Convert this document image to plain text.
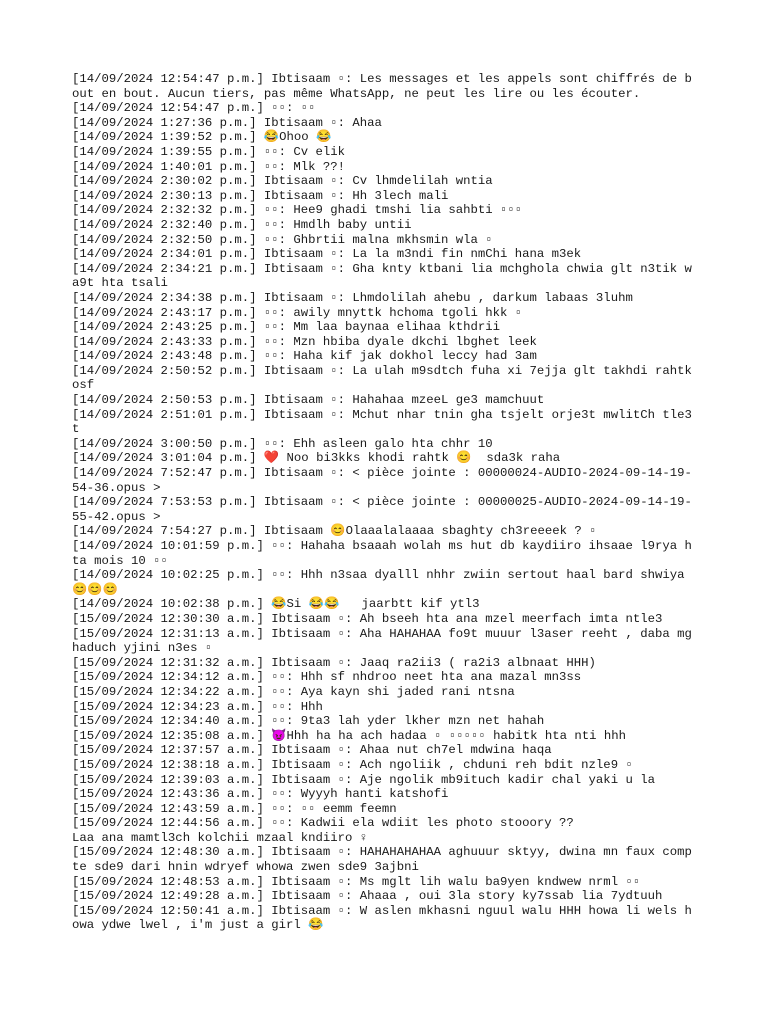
[14/09/2024 12:54:47 p.m.] Ibtisaam ▫: Les messages et les appels sont chiffrés de bout en bout. Aucun tiers, pas même WhatsApp, ne peut les lire ou les écouter.
[14/09/2024 12:54:47 p.m.] ▫▫: ▫▫
[14/09/2024 1:27:36 p.m.] Ibtisaam ▫: Ahaa
[14/09/2024 1:39:52 p.m.] 😂Ohoo 😂
[14/09/2024 1:39:55 p.m.] ▫▫: Cv elik
[14/09/2024 1:40:01 p.m.] ▫▫: Mlk ??!
[14/09/2024 2:30:02 p.m.] Ibtisaam ▫: Cv lhmdelilah wntia
[14/09/2024 2:30:13 p.m.] Ibtisaam ▫: Hh 3lech mali
[14/09/2024 2:32:32 p.m.] ▫▫: Hee9 ghadi tmshi lia sahbti ▫▫▫
[14/09/2024 2:32:40 p.m.] ▫▫: Hmdlh baby untii
[14/09/2024 2:32:50 p.m.] ▫▫: Ghbrtii malna mkhsmin wla ▫
[14/09/2024 2:34:01 p.m.] Ibtisaam ▫: La la m3ndi fin nmChi hana m3ek
[14/09/2024 2:34:21 p.m.] Ibtisaam ▫: Gha knty ktbani lia mchghola chwia glt n3tik wa9t hta tsali
[14/09/2024 2:34:38 p.m.] Ibtisaam ▫: Lhmdolilah ahebu , darkum labaas 3luhm
[14/09/2024 2:43:17 p.m.] ▫▫: awily mnyttk hchoma tgoli hkk ▫
[14/09/2024 2:43:25 p.m.] ▫▫: Mm laa baynaa elihaa kthdrii
[14/09/2024 2:43:33 p.m.] ▫▫: Mzn hbiba dyale dkchi lbghet leek
[14/09/2024 2:43:48 p.m.] ▫▫: Haha kif jak dokhol leccy had 3am
[14/09/2024 2:50:52 p.m.] Ibtisaam ▫: La ulah m9sdtch fuha xi 7ejja glt takhdi rahtk osf
[14/09/2024 2:50:53 p.m.] Ibtisaam ▫: Hahahaa mzeeL ge3 mamchuut
[14/09/2024 2:51:01 p.m.] Ibtisaam ▫: Mchut nhar tnin gha tsjelt orje3t mwlitCh tle3t
[14/09/2024 3:00:50 p.m.] ▫▫: Ehh asleen galo hta chhr 10
[14/09/2024 3:01:04 p.m.] ❤️ Noo bi3kks khodi rahtk 😊  sda3k raha
[14/09/2024 7:52:47 p.m.] Ibtisaam ▫: < pièce jointe : 00000024-AUDIO-2024-09-14-19-54-36.opus >
[14/09/2024 7:53:53 p.m.] Ibtisaam ▫: < pièce jointe : 00000025-AUDIO-2024-09-14-19-55-42.opus >
[14/09/2024 7:54:27 p.m.] Ibtisaam 😊Olaaalalaaaa sbaghty ch3reeeek ? ▫
[14/09/2024 10:01:59 p.m.] ▫▫: Hahaha bsaaah wolah ms hut db kaydiiro ihsaae l9rya hta mois 10 ▫▫
[14/09/2024 10:02:25 p.m.] ▫▫: Hhh n3saa dyalll nhhr zwiin sertout haal bard shwiya 😊😊😊
[14/09/2024 10:02:38 p.m.] 😂Si 😂😂   jaarbtt kif ytl3
[15/09/2024 12:30:30 a.m.] Ibtisaam ▫: Ah bseeh hta ana mzel meerfach imta ntle3
[15/09/2024 12:31:13 a.m.] Ibtisaam ▫: Aha HAHAHAA fo9t muuur l3aser reeht , daba mghaduch yjini n3es ▫
[15/09/2024 12:31:32 a.m.] Ibtisaam ▫: Jaaq ra2ii3 ( ra2i3 albnaat HHH)
[15/09/2024 12:34:12 a.m.] ▫▫: Hhh sf nhdroo neet hta ana mazal mn3ss
[15/09/2024 12:34:22 a.m.] ▫▫: Aya kayn shi jaded rani ntsna
[15/09/2024 12:34:23 a.m.] ▫▫: Hhh
[15/09/2024 12:34:40 a.m.] ▫▫: 9ta3 lah yder lkher mzn net hahah
[15/09/2024 12:35:08 a.m.] 😈Hhh ha ha ach hadaa ▫ ▫▫▫▫▫ habitk hta nti hhh
[15/09/2024 12:37:57 a.m.] Ibtisaam ▫: Ahaa nut ch7el mdwina haqa
[15/09/2024 12:38:18 a.m.] Ibtisaam ▫: Ach ngoliik , chduni reh bdit nzle9 ▫
[15/09/2024 12:39:03 a.m.] Ibtisaam ▫: Aje ngolik mb9ituch kadir chal yaki u la
[15/09/2024 12:43:36 a.m.] ▫▫: Wyyyh hanti katshofi
[15/09/2024 12:43:59 a.m.] ▫▫: ▫▫ eemm feemn
[15/09/2024 12:44:56 a.m.] ▫▫: Kadwii ela wdiit les photo stooory ??
Laa ana mamtl3ch kolchii mzaal kndiiro ♀
[15/09/2024 12:48:30 a.m.] Ibtisaam ▫: HAHAHAHAHAA aghuuur sktyy, dwina mn faux compte sde9 dari hnin wdryef whowa zwen sde9 3ajbni
[15/09/2024 12:48:53 a.m.] Ibtisaam ▫: Ms mglt lih walu ba9yen kndwew nrml ▫▫
[15/09/2024 12:49:28 a.m.] Ibtisaam ▫: Ahaaa , oui 3la story ky7ssab lia 7ydtuuh
[15/09/2024 12:50:41 a.m.] Ibtisaam ▫: W aslen mkhasni nguul walu HHH howa li wels howa ydwe lwel , i'm just a girl 😂
